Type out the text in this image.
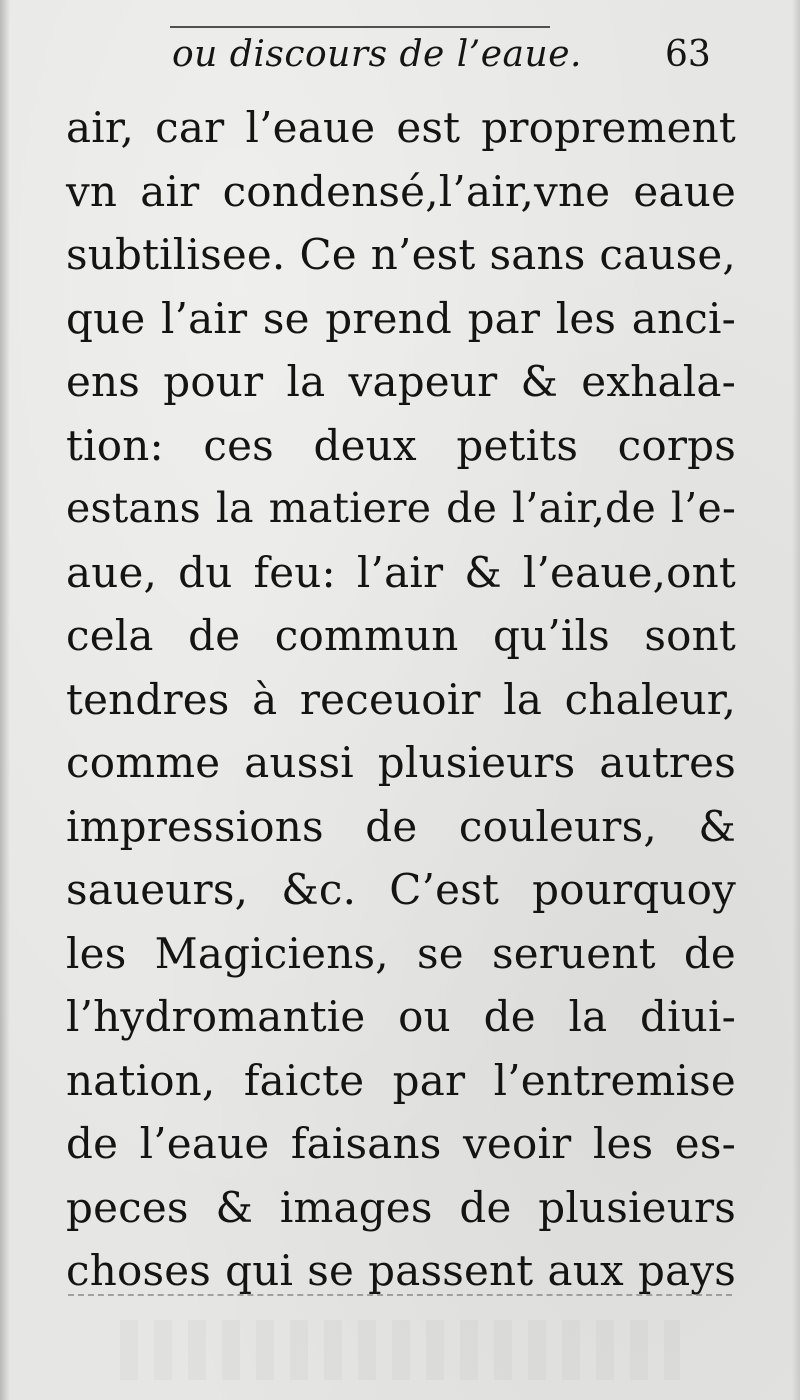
ou discours de l’eaue. 63
air, car l’eaue est proprement
vn air condensé,l’air,vne eaue
subtilisee. Ce n’est sans cause,
que l’air se prend par les anci-
ens pour la vapeur & exhala-
tion: ces deux petits corps
estans la matiere de l’air,de l’e-
aue, du feu: l’air & l’eaue,ont
cela de commun qu’ils sont
tendres à receuoir la chaleur,
comme aussi plusieurs autres
impressions de couleurs, &
saueurs, &c. C’est pourquoy
les Magiciens, se seruent de
l’hydromantie ou de la diui-
nation, faicte par l’entremise
de l’eaue faisans veoir les es-
peces & images de plusieurs
choses qui se passent aux pays
